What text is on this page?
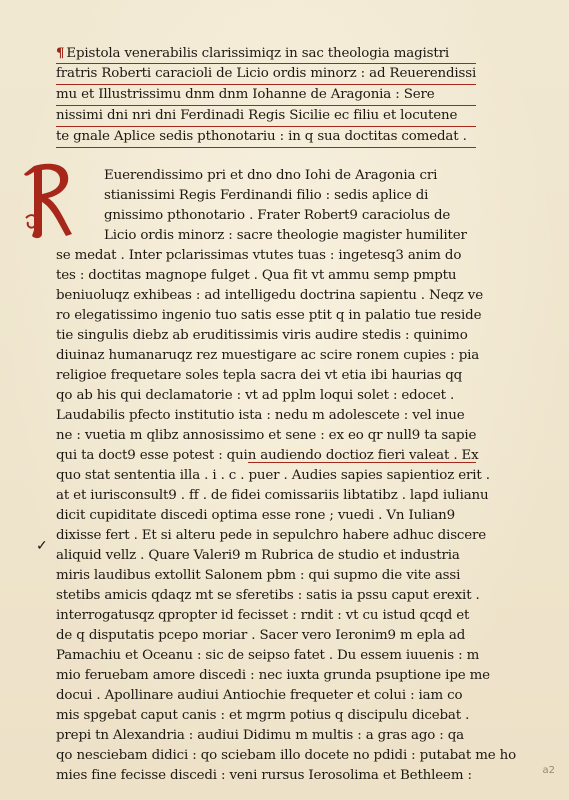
¶ Epistola venerabilis clarissimiqz in sac theologia magistri
fratris Roberti caracioli de Licio ordis minorz : ad Reuerendissi
mu et Illustrissimu dnm dnm Iohanne de Aragonia : Sere
nissimi dni nri dni Ferdinadi Regis Sicilie ec filiu et locutene
te gnale Aplice sedis pthonotariu : in q sua doctitas comedat .
R
Euerendissimo pri et dno dno Iohi de Aragonia cri
stianissimi Regis Ferdinandi filio : sedis aplice di
gnissimo pthonotario . Frater Robert9 caraciolus de
Licio ordis minorz : sacre theologie magister humiliter
se medat . Inter pclarissimas vtutes tuas : ingetesq3 anim do
tes : doctitas magnope fulget . Qua fit vt ammu semp pmptu
beniuoluqz exhibeas : ad intelligedu doctrina sapientu . Neqz ve
ro elegatissimo ingenio tuo satis esse ptit q in palatio tue reside
tie singulis diebz ab eruditissimis viris audire stedis : quinimo
diuinaz humanaruqz rez muestigare ac scire ronem cupies : pia
religioe frequetare soles tepla sacra dei vt etia ibi haurias qq
qo ab his qui declamatorie : vt ad pplm loqui solet : edocet .
Laudabilis pfecto institutio ista : nedu m adolescete : vel inue
ne : vuetia m qlibz annosissimo et sene : ex eo qr null9 ta sapie
qui ta doct9 esse potest : quin audiendo doctioz fieri valeat . Ex
quo stat sententia illa . i . c . puer . Audies sapies sapientioz erit .
at et iurisconsult9 . ff . de fidei comissariis libtatibz . lapd iulianu
dicit cupiditate discedi optima esse rone ; vuedi . Vn Iulian9
dixisse fert . Et si alteru pede in sepulchro habere adhuc discere
aliquid vellz . Quare Valeri9 m Rubrica de studio et industria
miris laudibus extollit Salonem pbm : qui supmo die vite assi
stetibs amicis qdaqz mt se sferetibs : satis ia pssu caput erexit .
interrogatusqz qpropter id fecisset : rndit : vt cu istud qcqd et
de q disputatis pcepo moriar . Sacer vero Ieronim9 m epla ad
Pamachiu et Oceanu : sic de seipso fatet . Du essem iuuenis : m
mio feruebam amore discedi : nec iuxta grunda psuptione ipe me
docui . Apollinare audiui Antiochie frequeter et colui : iam co
mis spgebat caput canis : et mgrm potius q discipulu dicebat .
prepi tn Alexandria : audiui Didimu m multis : a gras ago : qa
qo nesciebam didici : qo sciebam illo docete no pdidi : putabat me ho
mies fine fecisse discedi : veni rursus Ierosolima et Bethleem :
✓
a2
